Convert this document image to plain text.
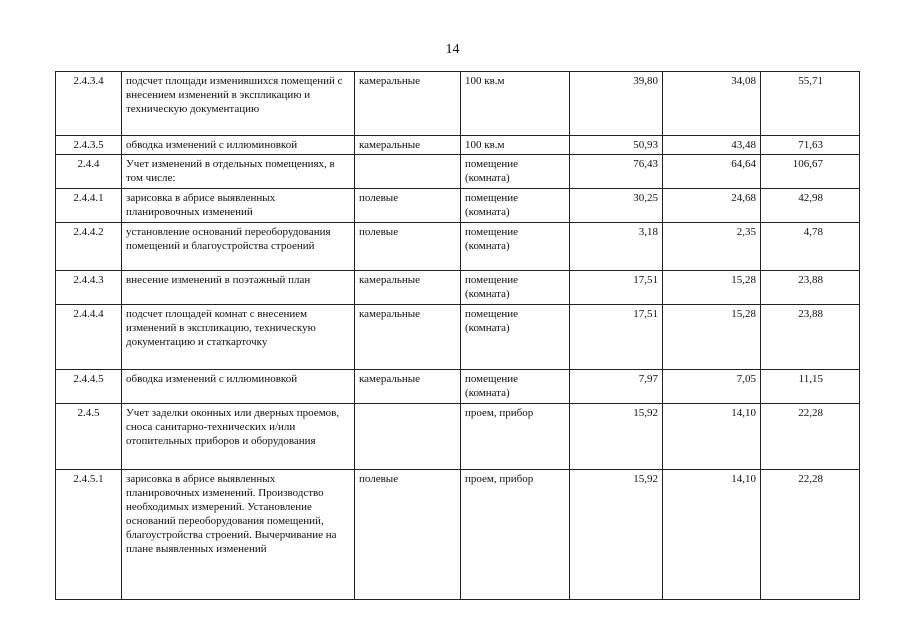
14
2.4.3.4	подсчет площади изменившихся помещений с внесением изменений в экспликацию и техническую документацию	камеральные	100 кв.м	39,80	34,08	55,71
2.4.3.5	обводка изменений с иллюминовкой	камеральные	100 кв.м	50,93	43,48	71,63
2.4.4	Учет изменений в отдельных помещениях, в том числе:		помещение (комната)	76,43	64,64	106,67
2.4.4.1	зарисовка в абрисе выявленных планировочных изменений	полевые	помещение (комната)	30,25	24,68	42,98
2.4.4.2	установление оснований переоборудования помещений и благоустройства строений	полевые	помещение (комната)	3,18	2,35	4,78
2.4.4.3	внесение изменений в поэтажный план	камеральные	помещение (комната)	17,51	15,28	23,88
2.4.4.4	подсчет площадей комнат с внесением изменений в экспликацию, техническую документацию и статкарточку	камеральные	помещение (комната)	17,51	15,28	23,88
2.4.4.5	обводка изменений с иллюминовкой	камеральные	помещение (комната)	7,97	7,05	11,15
2.4.5	Учет заделки оконных или дверных проемов, сноса санитарно-технических и/или отопительных приборов и оборудования		проем, прибор	15,92	14,10	22,28
2.4.5.1	зарисовка в абрисе выявленных планировочных изменений. Производство необходимых измерений. Установление оснований переоборудования помещений, благоустройства строений. Вычерчивание на плане выявленных изменений	полевые	проем, прибор	15,92	14,10	22,28
